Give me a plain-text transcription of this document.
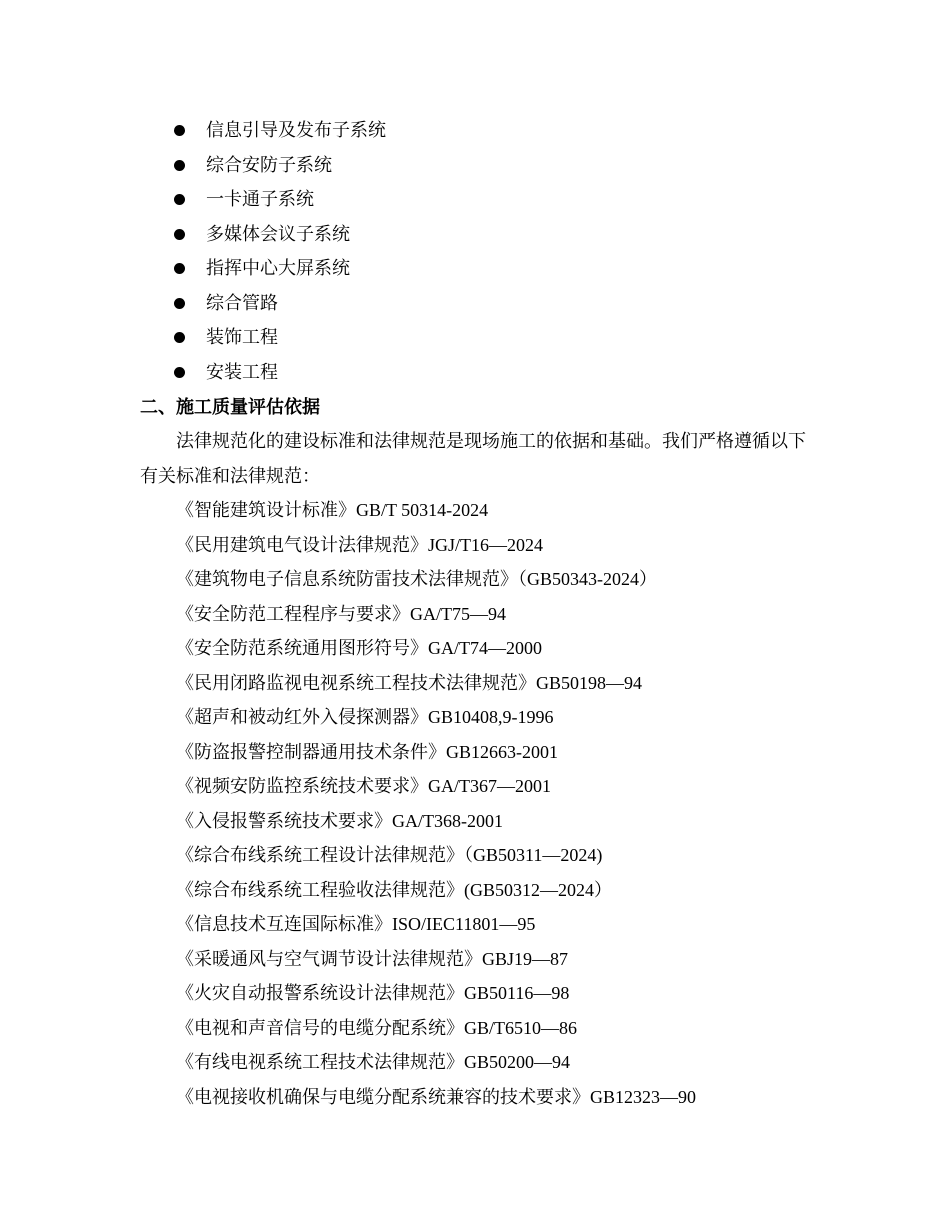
信息引导及发布子系统
综合安防子系统
一卡通子系统
多媒体会议子系统
指挥中心大屏系统
综合管路
装饰工程
安装工程
二、施工质量评估依据
法律规范化的建设标准和法律规范是现场施工的依据和基础。我们严格遵循以下有关标准和法律规范：
《智能建筑设计标准》GB/T 50314-2024
《民用建筑电气设计法律规范》JGJ/T16—2024
《建筑物电子信息系统防雷技术法律规范》（GB50343-2024）
《安全防范工程程序与要求》GA/T75—94
《安全防范系统通用图形符号》GA/T74—2000
《民用闭路监视电视系统工程技术法律规范》GB50198—94
《超声和被动红外入侵探测器》GB10408,9-1996
《防盗报警控制器通用技术条件》GB12663-2001
《视频安防监控系统技术要求》GA/T367—2001
《入侵报警系统技术要求》GA/T368-2001
《综合布线系统工程设计法律规范》（GB50311—2024)
《综合布线系统工程验收法律规范》(GB50312—2024）
《信息技术互连国际标准》ISO/IEC11801—95
《采暖通风与空气调节设计法律规范》GBJ19—87
《火灾自动报警系统设计法律规范》GB50116—98
《电视和声音信号的电缆分配系统》GB/T6510—86
《有线电视系统工程技术法律规范》GB50200—94
《电视接收机确保与电缆分配系统兼容的技术要求》GB12323—90
